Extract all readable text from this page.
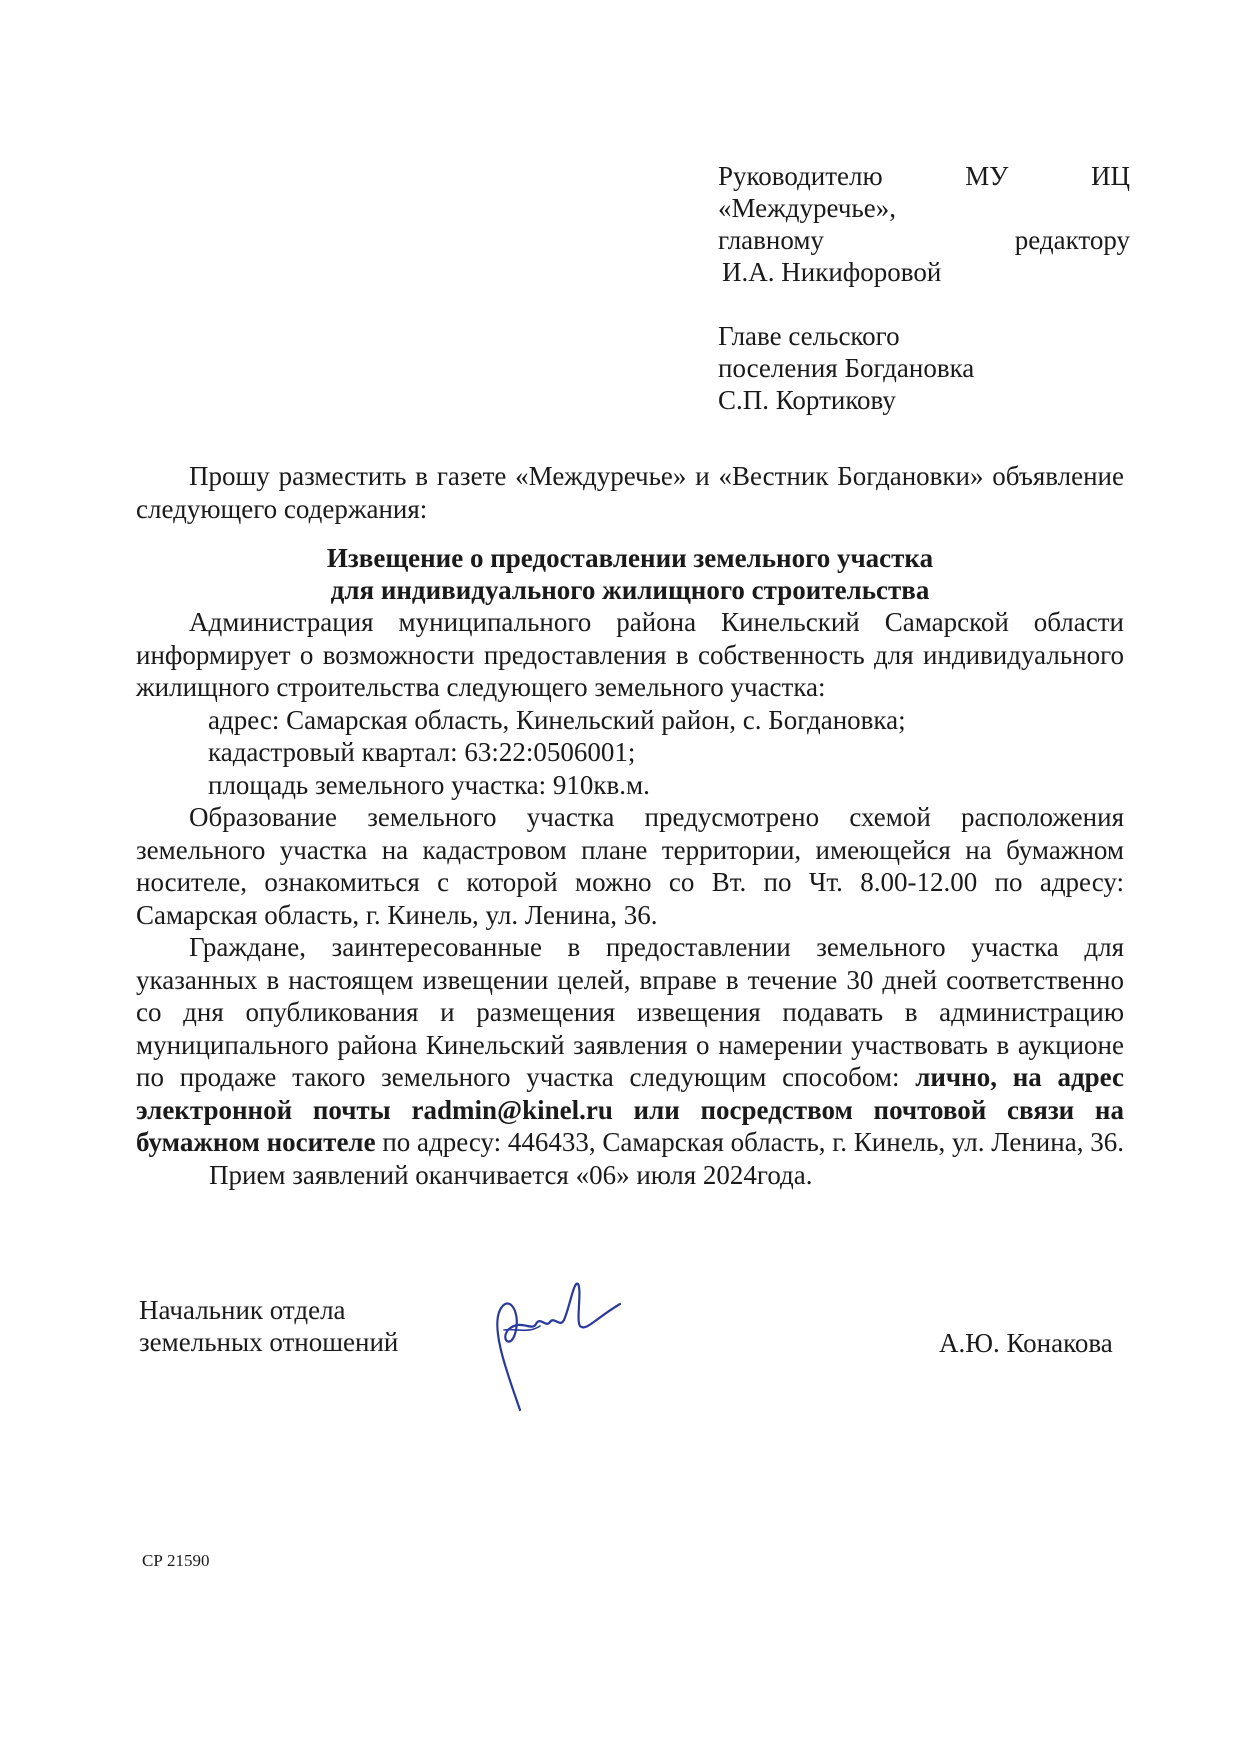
Руководителю	МУ	ИЦ
«Междуречье»,
главному	редактору
И.А. Никифоровой
Главе сельского
поселения Богдановка
С.П. Кортикову

Прошу разместить в газете «Междуречье» и «Вестник Богдановки» объявление следующего содержания:

Извещение о предоставлении земельного участка
для индивидуального жилищного строительства

Администрация муниципального района Кинельский Самарской области информирует о возможности предоставления в собственность для индивидуального жилищного строительства следующего земельного участка:

адрес: Самарская область, Кинельский район, с. Богдановка;

кадастровый квартал: 63:22:0506001;

площадь земельного участка: 910кв.м.

Образование земельного участка предусмотрено схемой расположения земельного участка на кадастровом плане территории, имеющейся на бумажном носителе, ознакомиться с которой можно со Вт. по Чт. 8.00-12.00 по адресу: Самарская область, г. Кинель, ул. Ленина, 36.

Граждане, заинтересованные в предоставлении земельного участка для указанных в настоящем извещении целей, вправе в течение 30 дней соответственно со дня опубликования и размещения извещения подавать в администрацию муниципального района Кинельский заявления о намерении участвовать в аукционе по продаже такого земельного участка следующим способом: лично, на адрес электронной почты radmin@kinel.ru или посредством почтовой связи на бумажном носителе по адресу: 446433, Самарская область, г. Кинель, ул. Ленина, 36.

Прием заявлений оканчивается «06» июля 2024года.

Начальник отдела
земельных отношений	А.Ю. Конакова
СР 21590
